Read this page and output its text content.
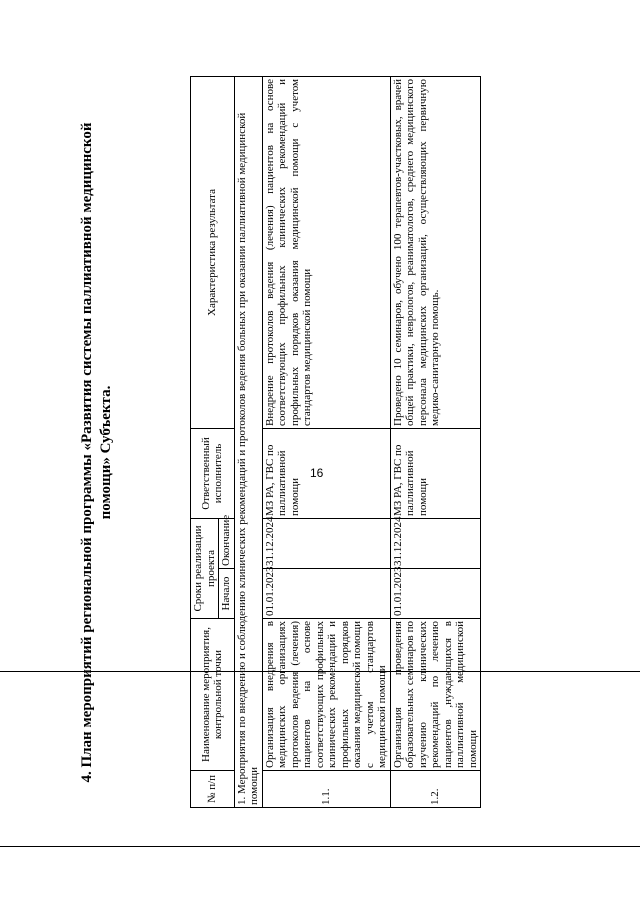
16
4. План мероприятий региональной программы «Развития системы паллиативной медицинской помощи» Субъекта.
№ п/п	Наименование мероприятия, контрольной точки	Сроки реализации проекта		Ответственный исполнитель	Характеристика результата
		Начало	Окончание		
1. Мероприятия по внедрению и соблюдению клинических рекомендаций и протоколов ведения больных при оказании паллиативной медицинской помощи					
1.1.	Организация внедрения в медицинских организациях протоколов ведения (лечения) пациентов на основе соответствующих профильных клинических рекомендаций и профильных порядков оказания медицинской помощи с учетом стандартов медицинской помощи	01.01.2023	31.12.2024	МЗ РА, ГВС по паллиативной помощи	Внедрение протоколов ведения (лечения) пациентов на основе соответствующих профильных клинических рекомендаций и профильных порядков оказания медицинской помощи с учетом стандартов медицинской помощи
1.2.	Организация проведения образовательных семинаров по изучению клинических рекомендаций по лечению пациентов ,нуждающихся в паллиативной медицинской помощи	01.01.2023	31.12.2024	МЗ РА, ГВС по паллиативной помощи	Проведено 10 семинаров, обучено 100 терапевтов-участковых, врачей общей практики, неврологов, реаниматологов, среднего медицинского персонала медицинских организаций, осуществляющих первичную медико-санитарную помощь.
